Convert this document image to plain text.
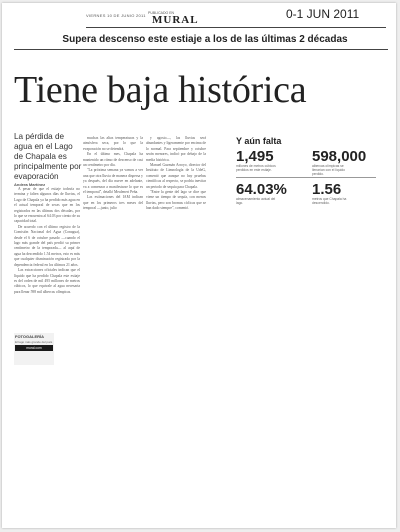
VIERNES 10 DE JUNIO 2011 PUBLICADO EN
MURAL	0-1 JUN 2011
Supera descenso este estiaje a los de las últimas 2 décadas
Tiene baja histórica
La pérdida de agua en el Lago de Chapala es principalmente por evaporación
Andrea Martínez

A pesar de que el estiaje todavía no termina y falten algunos días de lluvias, el Lago de Chapala ya ha perdido más agua en el actual temporal de secas que en los registrados en las últimas dos décadas, por lo que se encuentra al 64.03 por ciento de su capacidad total.

De acuerdo con el último registro de la Comisión Nacional del Agua (Conagua), desde el 6 de octubre pasado —cuando el lago más grande del país perdió su primer centímetro de la temporada— al aquí de agua ha descendido 1.54 metros, esto es más que cualquier disminución registrada por la dependencia federal en los últimos 21 años.

Las extracciones oficiales indican que el líquido que ha perdido Chapala este estiaje es del orden de mil 495 millones de metros cúbicos, lo que equivale al agua necesaria para llenar 598 mil albercas olímpicas.

FOTOGALERÍA
El lago más grande del país
mural.com

muchas las altas temperaturas y la atmósfera seca, por lo que la evaporación no se detendrá.

En el último mes, Chapala ha mantenido un ritmo de descenso de casi un centímetro por día.

"La próxima semana ya vamos a ver una que otra lluvia de manera dispersa y ya después, del día nueve en adelante, va a comenzar a manifestarse lo que es el temporal", detalló Meulenert Peña.

Las estimaciones del IAM indican que en los primeros tres meses del temporal —junio, julio

y agosto—, las lluvias será abundantes y ligeramente por encima de lo normal. Para septiembre y octubre serán menores, indicó por debajo de la media histórica.

Manuel Guzmán Arroyo, director del Instituto de Limnología de la UdeG, comentó que aunque no hay pruebas científicas al respecto, se podría inevitar un periodo de sequía para Chapala.

"Entre la gente del lago se dice que viene un tiempo de sequía, con menos lluvias, pero son bromas cíclicas que se han dado siempre", comentó.

Y aún falta
1,495
millones de metros cúbicos perdidos en este estiaje.
598,000
albercas olímpicas se llenarían con el líquido perdido.
64.03%
almacenamiento actual del lago.
1.56
metros que Chapala ha descendido.
